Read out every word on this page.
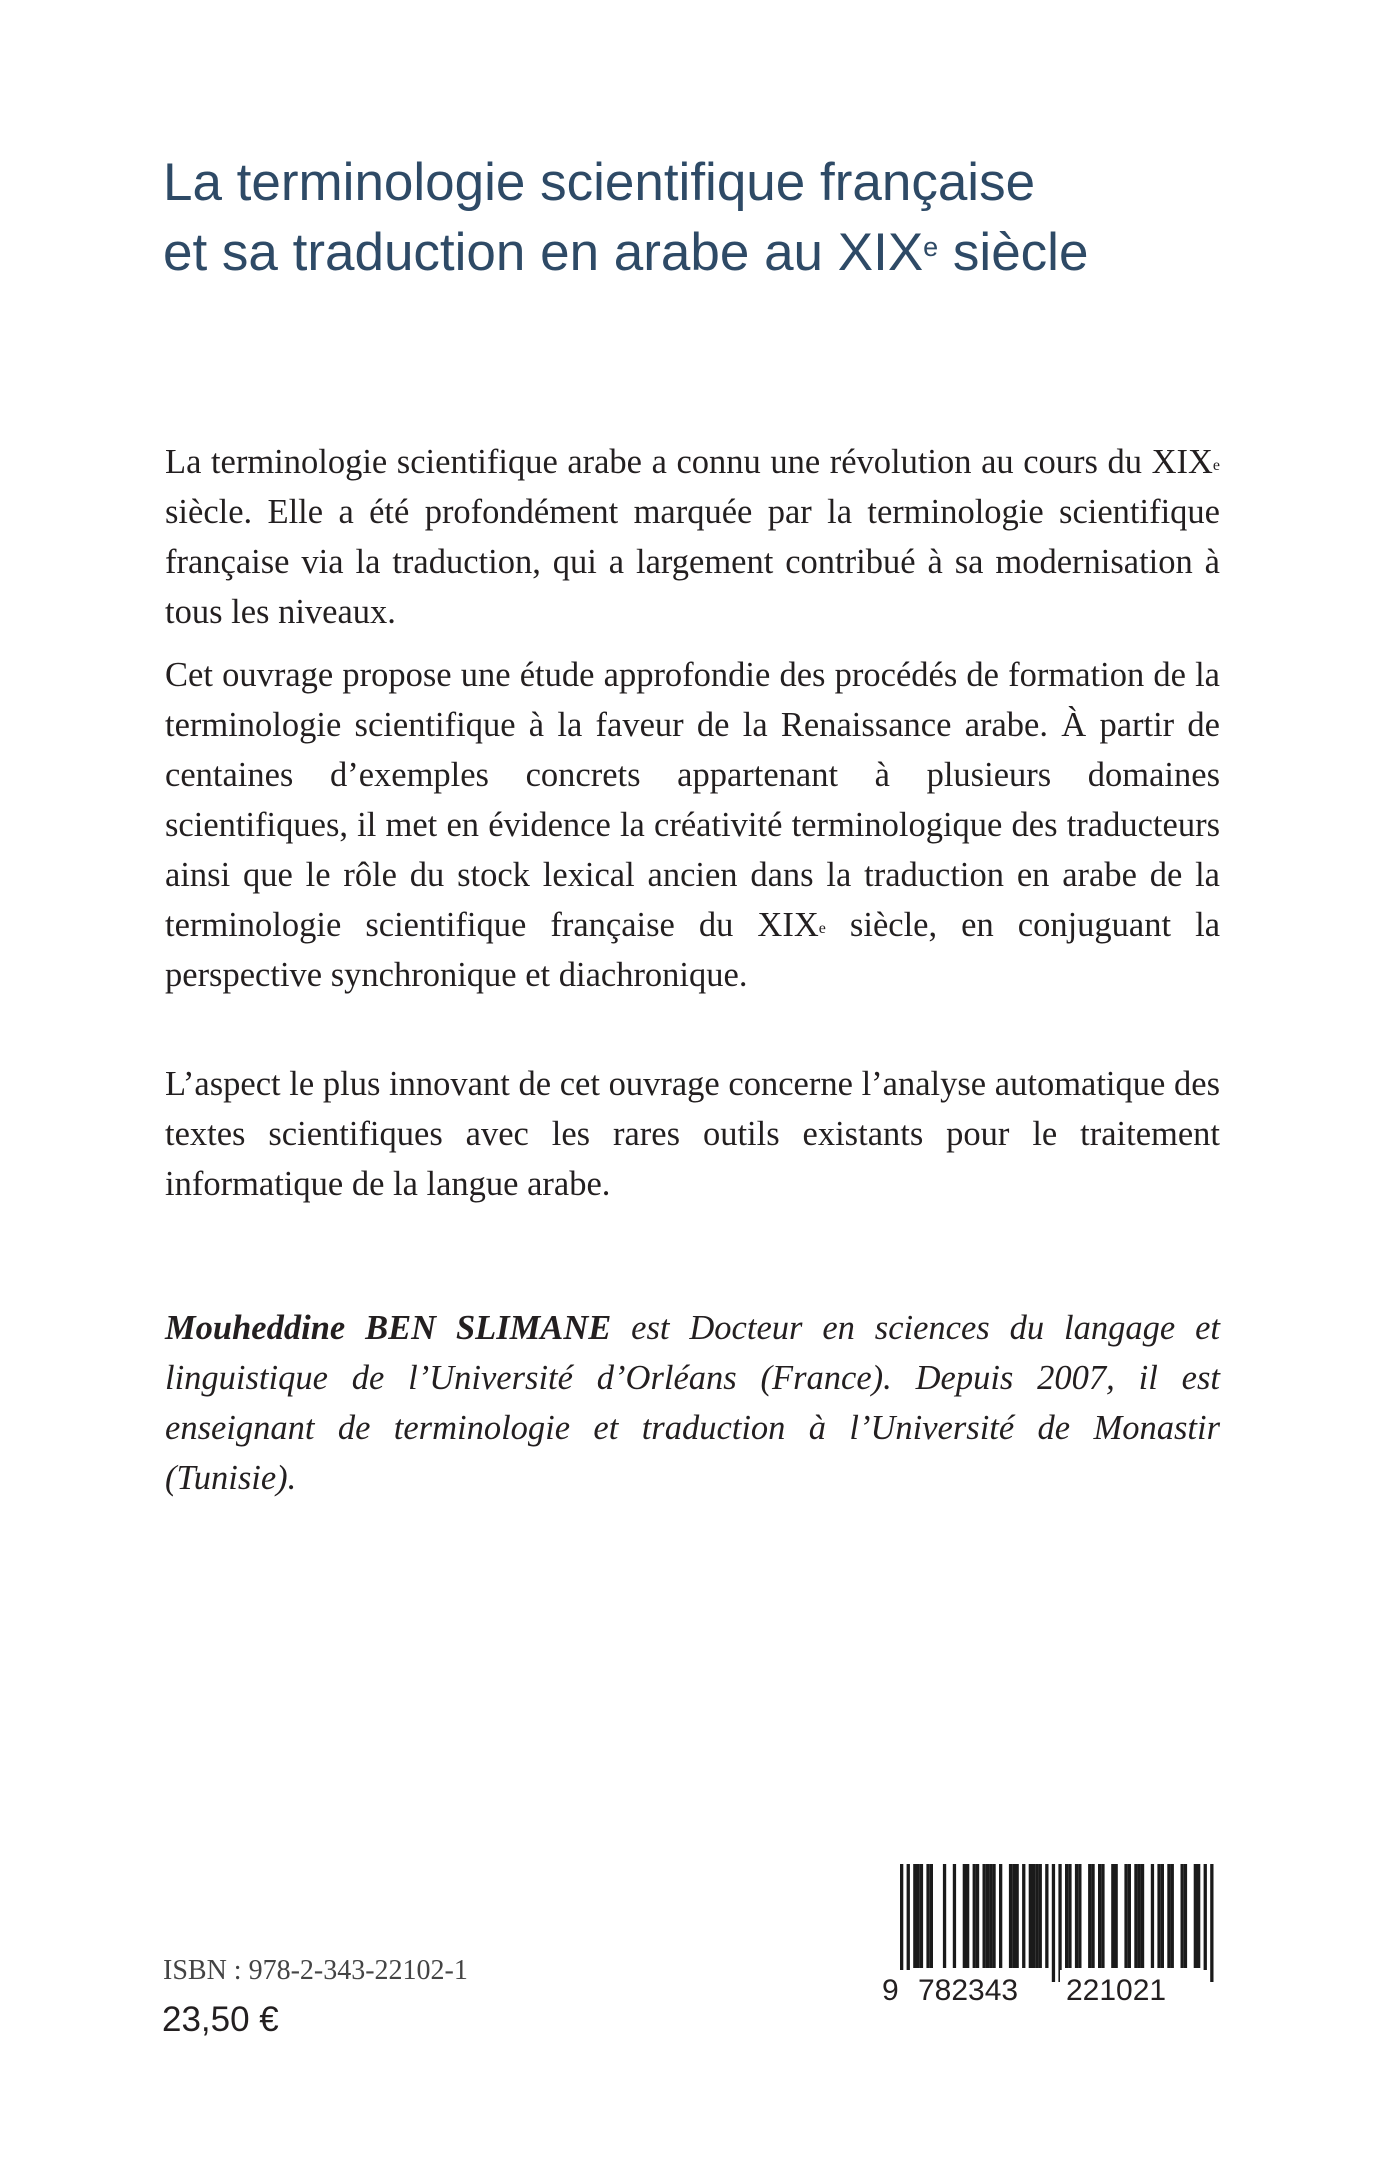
La terminologie scientifique française
et sa traduction en arabe au XIXe siècle

La terminologie scientifique arabe a connu une révolution au cours du XIXe siècle. Elle a été profondément marquée par la terminologie scientifique française via la traduction, qui a largement contribué à sa modernisation à tous les niveaux.

Cet ouvrage propose une étude approfondie des procédés de formation de la terminologie scientifique à la faveur de la Renaissance arabe. À partir de centaines d’exemples concrets appartenant à plusieurs domaines scientifiques, il met en évidence la créativité terminologique des traducteurs ainsi que le rôle du stock lexical ancien dans la traduction en arabe de la terminologie scientifique française du XIXe siècle, en conjuguant la perspective synchronique et diachronique.

L’aspect le plus innovant de cet ouvrage concerne l’analyse automatique des textes scientifiques avec les rares outils existants pour le traitement informatique de la langue arabe.

Mouheddine BEN SLIMANE est Docteur en sciences du langage et linguistique de l’Université d’Orléans (France). Depuis 2007, il est enseignant de terminologie et traduction à l’Université de Monastir (Tunisie).

9 782343 221021

ISBN : 978-2-343-22102-1

23,50 €
